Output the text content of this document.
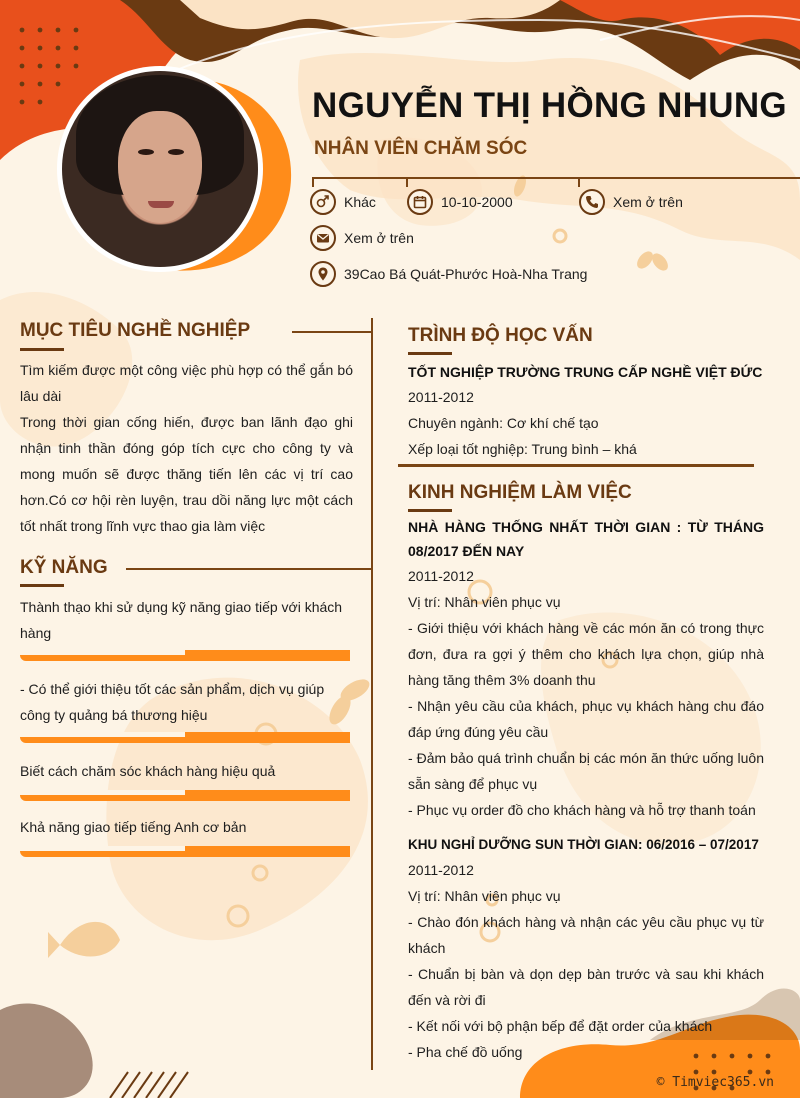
NGUYỄN THỊ HỒNG NHUNG
NHÂN VIÊN CHĂM SÓC
Khác	10-10-2000	Xem ở trên
Xem ở trên
39Cao Bá Quát-Phước Hoà-Nha Trang
MỤC TIÊU NGHỀ NGHIỆP

Tìm kiếm được một công việc phù hợp có thể gắn bó lâu dài

Trong thời gian cống hiến, được ban lãnh đạo ghi nhận tinh thần đóng góp tích cực cho công ty và mong muốn sẽ được thăng tiến lên các vị trí cao hơn.Có cơ hội rèn luyện, trau dồi năng lực một cách tốt nhất trong lĩnh vực thao gia làm việc

KỸ NĂNG
Thành thạo khi sử dụng kỹ năng giao tiếp với khách hàng
- Có thể giới thiệu tốt các sản phẩm, dịch vụ giúp công ty quảng bá thương hiệu
Biết cách chăm sóc khách hàng hiệu quả
Khả năng giao tiếp tiếng Anh cơ bản
TRÌNH ĐỘ HỌC VẤN

TỐT NGHIỆP TRƯỜNG TRUNG CẤP NGHỀ VIỆT ĐỨC

2011-2012

Chuyên ngành: Cơ khí chế tạo

Xếp loại tốt nghiệp: Trung bình – khá

KINH NGHIỆM LÀM VIỆC

NHÀ HÀNG THỐNG NHẤT THỜI GIAN : TỪ THÁNG 08/2017 ĐẾN NAY

2011-2012

Vị trí: Nhân viên phục vụ

- Giới thiệu với khách hàng về các món ăn có trong thực đơn, đưa ra gợi ý thêm cho khách lựa chọn, giúp nhà hàng tăng thêm 3% doanh thu

- Nhận yêu cầu của khách, phục vụ khách hàng chu đáo đáp ứng đúng yêu cầu

- Đảm bảo quá trình chuẩn bị các món ăn thức uống luôn sẵn sàng để phục vụ

- Phục vụ order đồ cho khách hàng và hỗ trợ thanh toán

KHU NGHỈ DƯỠNG SUN THỜI GIAN: 06/2016 – 07/2017

2011-2012

Vị trí: Nhân viên phục vụ

- Chào đón khách hàng và nhận các yêu cầu phục vụ từ khách

- Chuẩn bị bàn và dọn dẹp bàn trước và sau khi khách đến và rời đi

- Kết nối với bộ phận bếp để đặt order của khách

- Pha chế đồ uống

© Timviec365.vn
